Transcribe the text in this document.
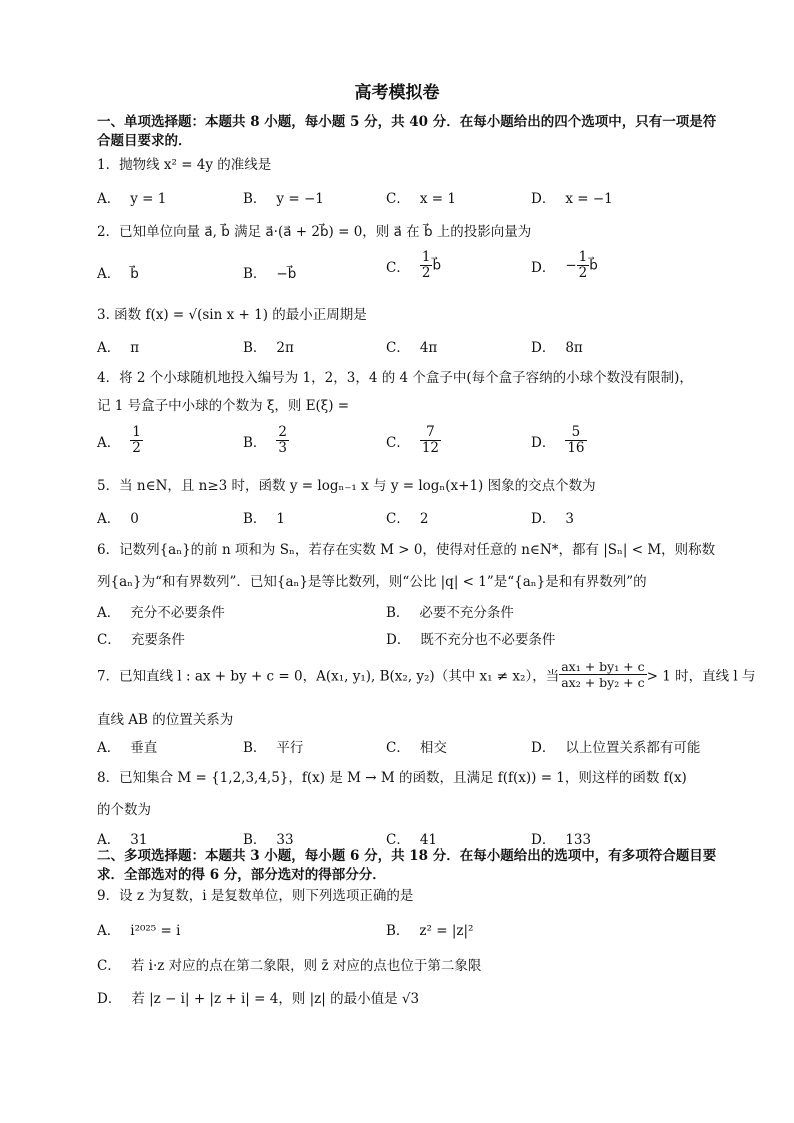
高考模拟卷
一、单项选择题：本题共 8 小题，每小题 5 分，共 40 分．在每小题给出的四个选项中，只有一项是符合题目要求的．
1．抛物线 x² = 4y 的准线是
A． y = 1	B． y = −1	C． x = 1	D． x = −1
2．已知单位向量 a⃗, b⃗ 满足 a⃗·(a⃗ + 2b⃗) = 0，则 a⃗ 在 b⃗ 上的投影向量为
A． b⃗	B． −b⃗	C． $\frac{1}{2}$ b⃗	D． − $\frac{1}{2}$ b⃗
3. 函数 f(x) = √(sin x + 1) 的最小正周期是
A． π	B． 2π	C． 4π	D． 8π
4．将 2 个小球随机地投入编号为 1，2，3，4 的 4 个盒子中(每个盒子容纳的小球个数没有限制)，
记 1 号盒子中小球的个数为 ξ，则 E(ξ) =
A． $\frac{1}{2}$	B． $\frac{2}{3}$	C． $\frac{7}{12}$	D． $\frac{5}{16}$
5．当 n∈N，且 n≥3 时，函数 y = logₙ₋₁ x 与 y = logₙ(x+1) 图象的交点个数为
A． 0	B． 1	C． 2	D． 3
6．记数列{aₙ}的前 n 项和为 Sₙ，若存在实数 M > 0，使得对任意的 n∈N*，都有 |Sₙ| < M，则称数
列{aₙ}为“和有界数列”．已知{aₙ}是等比数列，则“公比 |q| < 1”是“{aₙ}是和有界数列”的
A． 充分不必要条件	B． 必要不充分条件
C． 充要条件	D． 既不充分也不必要条件
7．已知直线 l : ax + by + c = 0，A(x₁, y₁), B(x₂, y₂)（其中 x₁ ≠ x₂），当 $\frac{\text{ax₁ + by₁ + c}}{\text{ax₂ + by₂ + c}} > 1$ 时，直线 l 与
直线 AB 的位置关系为
A． 垂直	B． 平行	C． 相交	D． 以上位置关系都有可能
8．已知集合 M = {1,2,3,4,5}，f(x) 是 M → M 的函数，且满足 f(f(x)) = 1，则这样的函数 f(x)
的个数为
A． 31	B． 33	C． 41	D． 133
二、多项选择题：本题共 3 小题，每小题 6 分，共 18 分．在每小题给出的选项中，有多项符合题目要求．全部选对的得 6 分，部分选对的得部分分．
9．设 z 为复数，i 是复数单位，则下列选项正确的是
A． i²⁰²⁵ = i	B． z² = |z|²
C． 若 i·z 对应的点在第二象限，则 z̄ 对应的点也位于第二象限
D． 若 |z − i| + |z + i| = 4，则 |z| 的最小值是 √3
